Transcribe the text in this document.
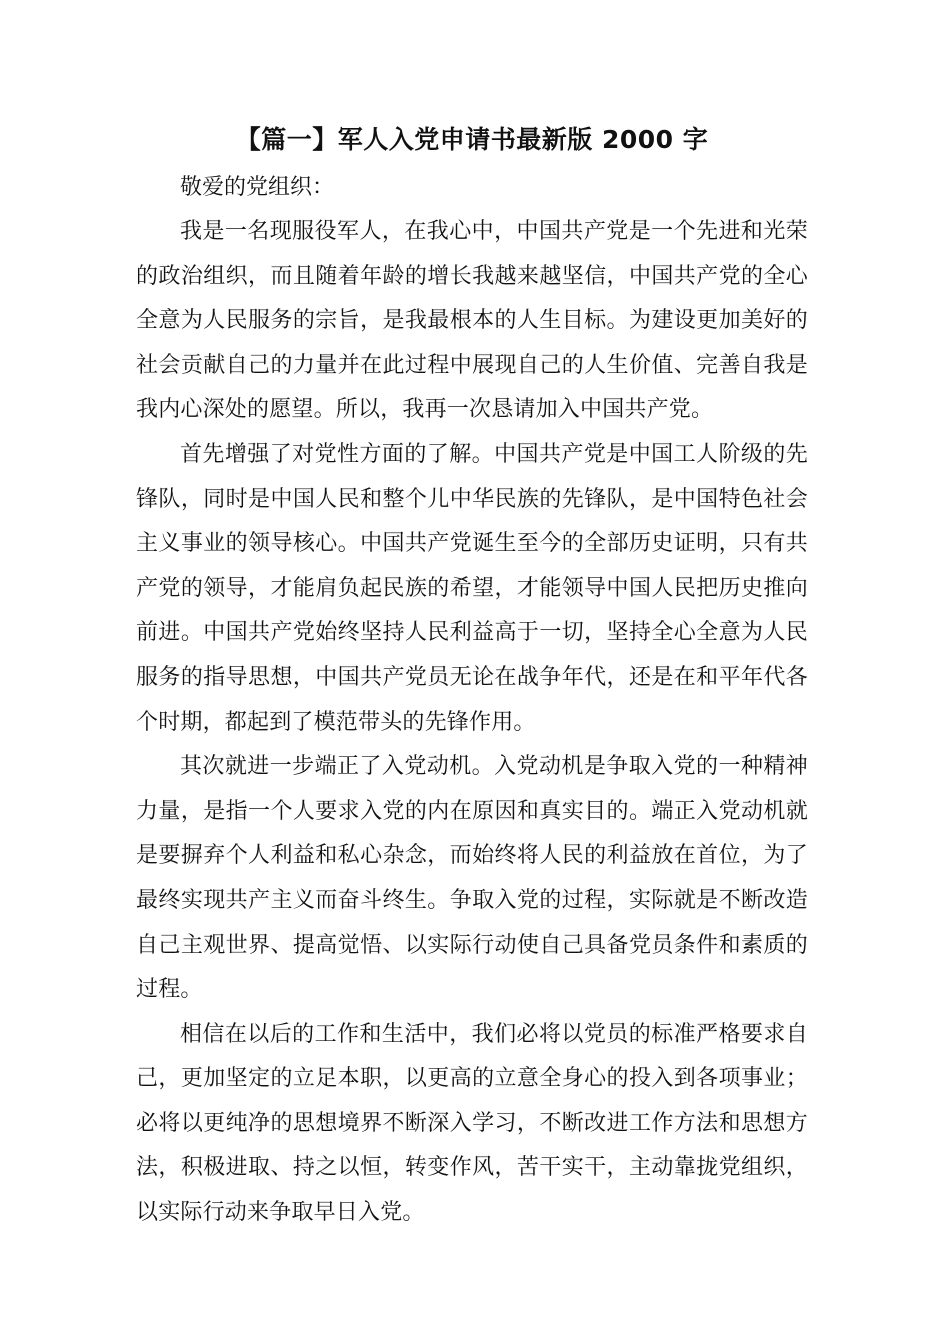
【篇一】军人入党申请书最新版 2000 字

敬爱的党组织：

我是一名现服役军人，在我心中，中国共产党是一个先进和光荣的政治组织，而且随着年龄的增长我越来越坚信，中国共产党的全心全意为人民服务的宗旨，是我最根本的人生目标。为建设更加美好的社会贡献自己的力量并在此过程中展现自己的人生价值、完善自我是我内心深处的愿望。所以，我再一次恳请加入中国共产党。

首先增强了对党性方面的了解。中国共产党是中国工人阶级的先锋队，同时是中国人民和整个儿中华民族的先锋队，是中国特色社会主义事业的领导核心。中国共产党诞生至今的全部历史证明，只有共产党的领导，才能肩负起民族的希望，才能领导中国人民把历史推向前进。中国共产党始终坚持人民利益高于一切，坚持全心全意为人民服务的指导思想，中国共产党员无论在战争年代，还是在和平年代各个时期，都起到了模范带头的先锋作用。

其次就进一步端正了入党动机。入党动机是争取入党的一种精神力量，是指一个人要求入党的内在原因和真实目的。端正入党动机就是要摒弃个人利益和私心杂念，而始终将人民的利益放在首位，为了最终实现共产主义而奋斗终生。争取入党的过程，实际就是不断改造自己主观世界、提高觉悟、以实际行动使自己具备党员条件和素质的过程。

相信在以后的工作和生活中，我们必将以党员的标准严格要求自己，更加坚定的立足本职，以更高的立意全身心的投入到各项事业；必将以更纯净的思想境界不断深入学习，不断改进工作方法和思想方法，积极进取、持之以恒，转变作风，苦干实干，主动靠拢党组织，以实际行动来争取早日入党。
